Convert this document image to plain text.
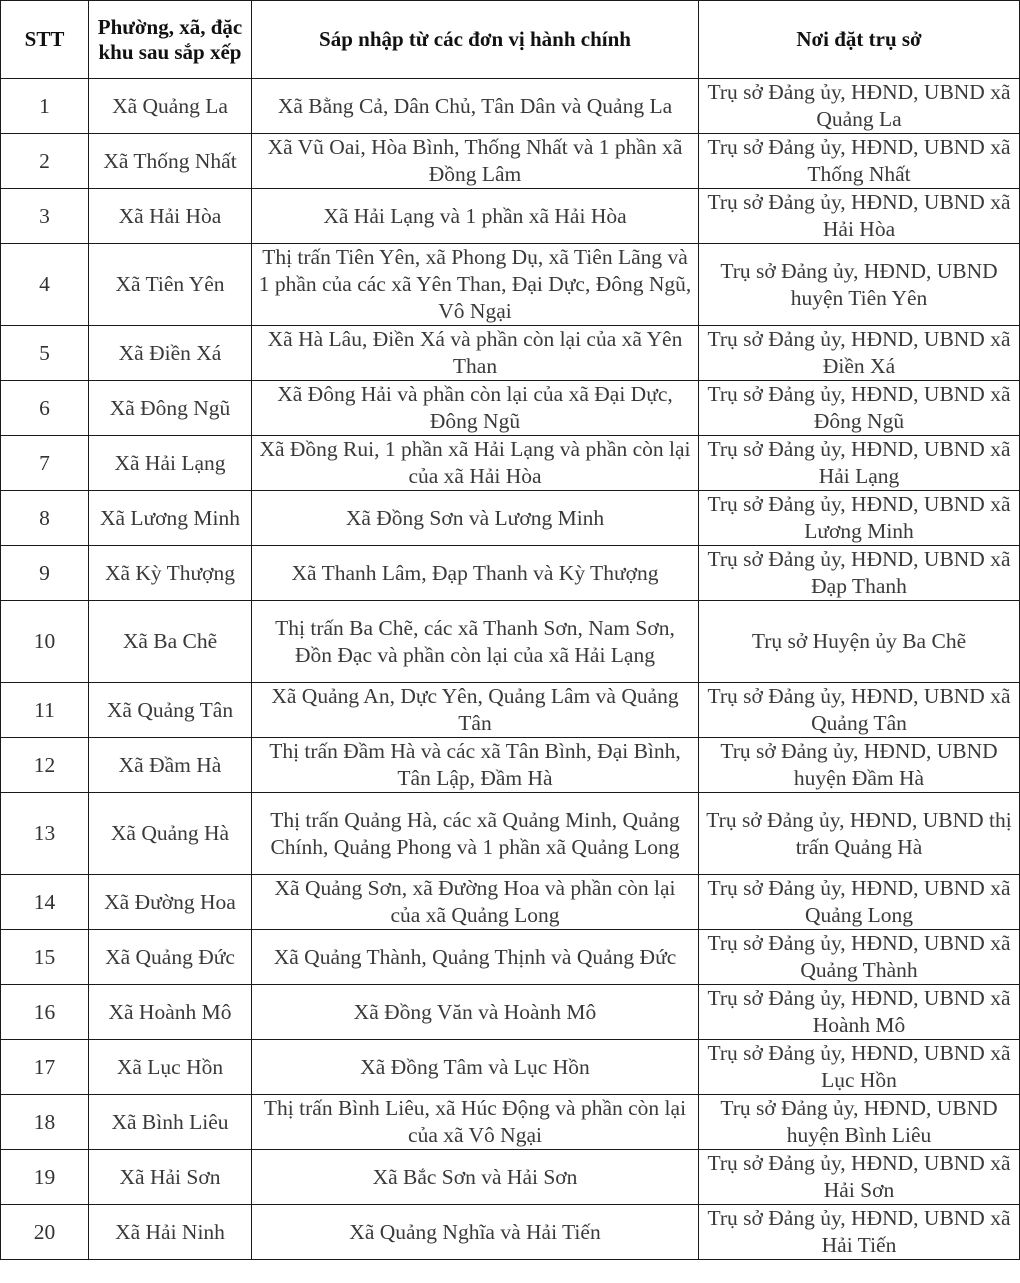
STT	Phường, xã, đặc khu sau sắp xếp	Sáp nhập từ các đơn vị hành chính	Nơi đặt trụ sở
1	Xã Quảng La	Xã Bằng Cả, Dân Chủ, Tân Dân và Quảng La	Trụ sở Đảng ủy, HĐND, UBND xã Quảng La
2	Xã Thống Nhất	Xã Vũ Oai, Hòa Bình, Thống Nhất và 1 phần xã Đồng Lâm	Trụ sở Đảng ủy, HĐND, UBND xã Thống Nhất
3	Xã Hải Hòa	Xã Hải Lạng và 1 phần xã Hải Hòa	Trụ sở Đảng ủy, HĐND, UBND xã Hải Hòa
4	Xã Tiên Yên	Thị trấn Tiên Yên, xã Phong Dụ, xã Tiên Lãng và 1 phần của các xã Yên Than, Đại Dực, Đông Ngũ, Vô Ngại	Trụ sở Đảng ủy, HĐND, UBND huyện Tiên Yên
5	Xã Điền Xá	Xã Hà Lâu, Điền Xá và phần còn lại của xã Yên Than	Trụ sở Đảng ủy, HĐND, UBND xã Điền Xá
6	Xã Đông Ngũ	Xã Đông Hải và phần còn lại của xã Đại Dực, Đông Ngũ	Trụ sở Đảng ủy, HĐND, UBND xã Đông Ngũ
7	Xã Hải Lạng	Xã Đồng Rui, 1 phần xã Hải Lạng và phần còn lại của xã Hải Hòa	Trụ sở Đảng ủy, HĐND, UBND xã Hải Lạng
8	Xã Lương Minh	Xã Đồng Sơn và Lương Minh	Trụ sở Đảng ủy, HĐND, UBND xã Lương Minh
9	Xã Kỳ Thượng	Xã Thanh Lâm, Đạp Thanh và Kỳ Thượng	Trụ sở Đảng ủy, HĐND, UBND xã Đạp Thanh
10	Xã Ba Chẽ	Thị trấn Ba Chẽ, các xã Thanh Sơn, Nam Sơn, Đồn Đạc và phần còn lại của xã Hải Lạng	Trụ sở Huyện ủy Ba Chẽ
11	Xã Quảng Tân	Xã Quảng An, Dực Yên, Quảng Lâm và Quảng Tân	Trụ sở Đảng ủy, HĐND, UBND xã Quảng Tân
12	Xã Đầm Hà	Thị trấn Đầm Hà và các xã Tân Bình, Đại Bình, Tân Lập, Đầm Hà	Trụ sở Đảng ủy, HĐND, UBND huyện Đầm Hà
13	Xã Quảng Hà	Thị trấn Quảng Hà, các xã Quảng Minh, Quảng Chính, Quảng Phong và 1 phần xã Quảng Long	Trụ sở Đảng ủy, HĐND, UBND thị trấn Quảng Hà
14	Xã Đường Hoa	Xã Quảng Sơn, xã Đường Hoa và phần còn lại của xã Quảng Long	Trụ sở Đảng ủy, HĐND, UBND xã Quảng Long
15	Xã Quảng Đức	Xã Quảng Thành, Quảng Thịnh và Quảng Đức	Trụ sở Đảng ủy, HĐND, UBND xã Quảng Thành
16	Xã Hoành Mô	Xã Đồng Văn và Hoành Mô	Trụ sở Đảng ủy, HĐND, UBND xã Hoành Mô
17	Xã Lục Hồn	Xã Đồng Tâm và Lục Hồn	Trụ sở Đảng ủy, HĐND, UBND xã Lục Hồn
18	Xã Bình Liêu	Thị trấn Bình Liêu, xã Húc Động và phần còn lại của xã Vô Ngại	Trụ sở Đảng ủy, HĐND, UBND huyện Bình Liêu
19	Xã Hải Sơn	Xã Bắc Sơn và Hải Sơn	Trụ sở Đảng ủy, HĐND, UBND xã Hải Sơn
20	Xã Hải Ninh	Xã Quảng Nghĩa và Hải Tiến	Trụ sở Đảng ủy, HĐND, UBND xã Hải Tiến
